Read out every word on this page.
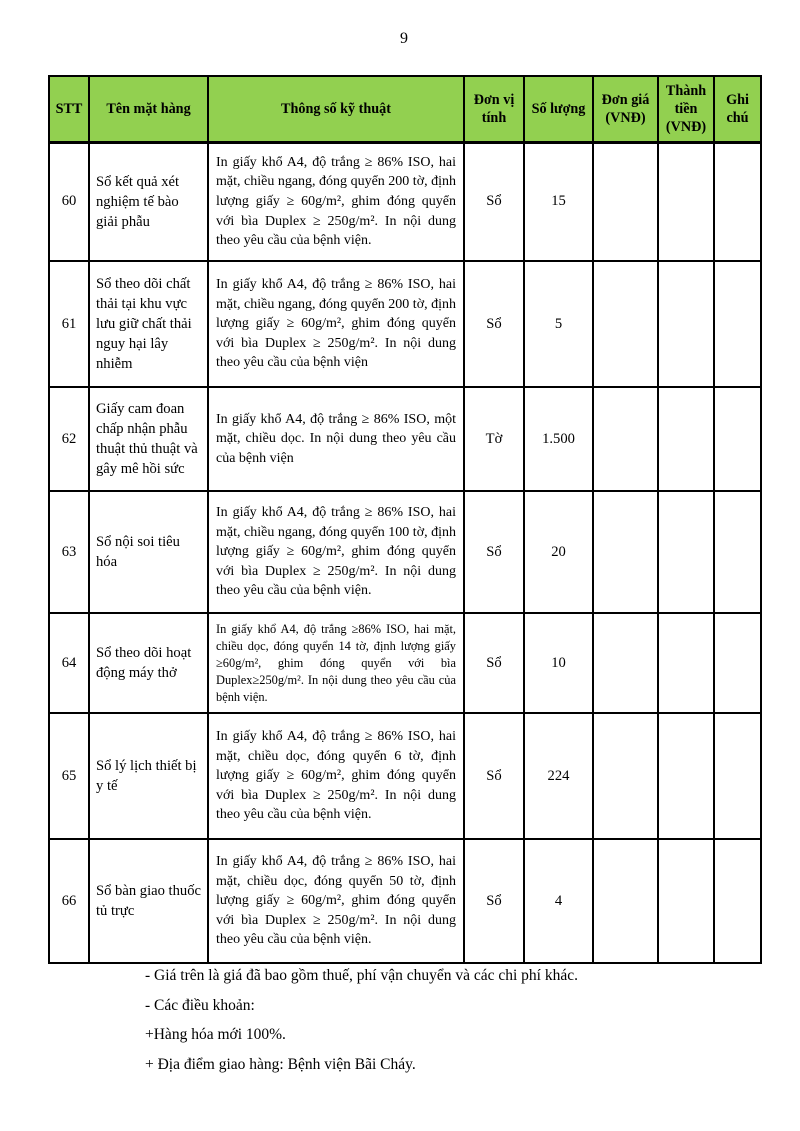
9
STT	Tên mặt hàng	Thông số kỹ thuật	Đơn vị tính	Số lượng	Đơn giá (VNĐ)	Thành tiền (VNĐ)	Ghi chú
60	Sổ kết quả xét nghiệm tế bào giải phẫu	In giấy khổ A4, độ trắng ≥ 86% ISO, hai mặt, chiều ngang, đóng quyển 200 tờ, định lượng giấy ≥ 60g/m², ghim đóng quyển với bìa Duplex ≥ 250g/m². In nội dung theo yêu cầu của bệnh viện.	Sổ	15			
61	Sổ theo dõi chất thải tại khu vực lưu giữ chất thải nguy hại lây nhiễm	In giấy khổ A4, độ trắng ≥ 86% ISO, hai mặt, chiều ngang, đóng quyển 200 tờ, định lượng giấy ≥ 60g/m², ghim đóng quyển với bìa Duplex ≥ 250g/m². In nội dung theo yêu cầu của bệnh viện	Sổ	5			
62	Giấy cam đoan chấp nhận phẫu thuật thủ thuật và gây mê hồi sức	In giấy khổ A4, độ trắng ≥ 86% ISO, một mặt, chiều dọc. In nội dung theo yêu cầu của bệnh viện	Tờ	1.500			
63	Sổ nội soi tiêu hóa	In giấy khổ A4, độ trắng ≥ 86% ISO, hai mặt, chiều ngang, đóng quyển 100 tờ, định lượng giấy ≥ 60g/m², ghim đóng quyển với bìa Duplex ≥ 250g/m². In nội dung theo yêu cầu của bệnh viện.	Sổ	20			
64	Sổ theo dõi hoạt động máy thở	In giấy khổ A4, độ trắng ≥86% ISO, hai mặt, chiều dọc, đóng quyển 14 tờ, định lượng giấy ≥60g/m², ghim đóng quyển với bìa Duplex≥250g/m². In nội dung theo yêu cầu của bệnh viện.	Sổ	10			
65	Sổ lý lịch thiết bị y tế	In giấy khổ A4, độ trắng ≥ 86% ISO, hai mặt, chiều dọc, đóng quyển 6 tờ, định lượng giấy ≥ 60g/m², ghim đóng quyển với bìa Duplex ≥ 250g/m². In nội dung theo yêu cầu của bệnh viện.	Sổ	224			
66	Sổ bàn giao thuốc tủ trực	In giấy khổ A4, độ trắng ≥ 86% ISO, hai mặt, chiều dọc, đóng quyển 50 tờ, định lượng giấy ≥ 60g/m², ghim đóng quyển với bìa Duplex ≥ 250g/m². In nội dung theo yêu cầu của bệnh viện.	Sổ	4			

- Giá trên là giá đã bao gồm thuế, phí vận chuyển và các chi phí khác.

- Các điều khoản:

+Hàng hóa mới 100%.

+ Địa điểm giao hàng: Bệnh viện Bãi Cháy.
